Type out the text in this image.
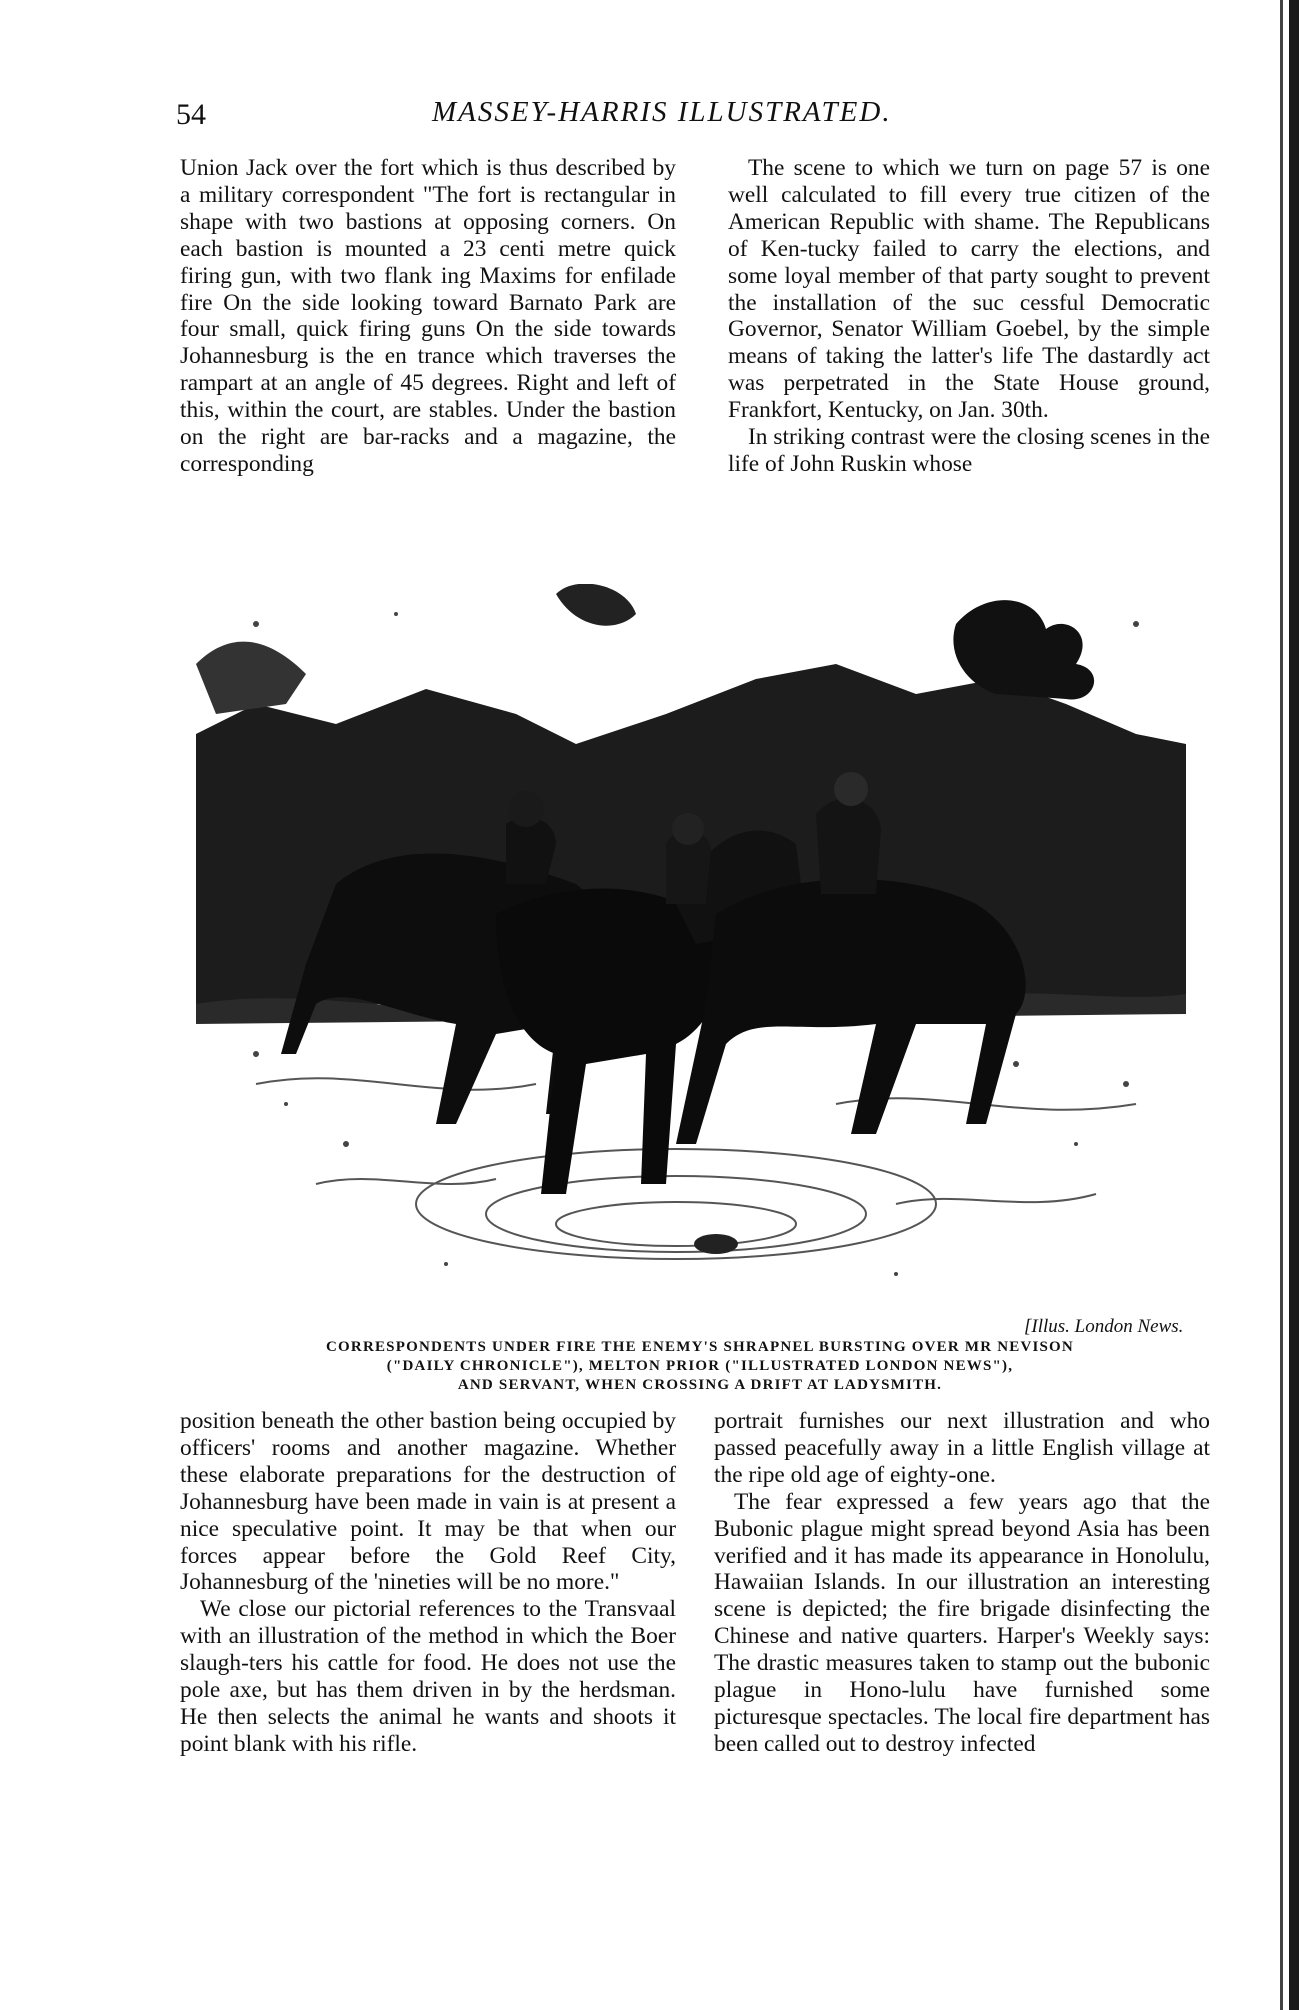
54	MASSEY-HARRIS ILLUSTRATED.

Union Jack over the fort which is thus described by a military correspondent "The fort is rectangular in shape with two bastions at opposing corners. On each bastion is mounted a 23 centi metre quick firing gun, with two flank ing Maxims for enfilade fire On the side looking toward Barnato Park are four small, quick firing guns On the side towards Johannesburg is the en trance which traverses the rampart at an angle of 45 degrees. Right and left of this, within the court, are stables. Under the bastion on the right are bar-racks and a magazine, the corresponding

The scene to which we turn on page 57 is one well calculated to fill every true citizen of the American Republic with shame. The Republicans of Ken-tucky failed to carry the elections, and some loyal member of that party sought to prevent the installation of the suc cessful Democratic Governor, Senator William Goebel, by the simple means of taking the latter's life The dastardly act was perpetrated in the State House ground, Frankfort, Kentucky, on Jan. 30th.

In striking contrast were the closing scenes in the life of John Ruskin whose

[Illus. London News.
CORRESPONDENTS UNDER FIRE THE ENEMY'S SHRAPNEL BURSTING OVER MR NEVISON
("DAILY CHRONICLE"), MELTON PRIOR ("ILLUSTRATED LONDON NEWS"),
AND SERVANT, WHEN CROSSING A DRIFT AT LADYSMITH.

position beneath the other bastion being occupied by officers' rooms and another magazine. Whether these elaborate preparations for the destruction of Johannesburg have been made in vain is at present a nice speculative point. It may be that when our forces appear before the Gold Reef City, Johannesburg of the 'nineties will be no more."

We close our pictorial references to the Transvaal with an illustration of the method in which the Boer slaugh-ters his cattle for food. He does not use the pole axe, but has them driven in by the herdsman. He then selects the animal he wants and shoots it point blank with his rifle.

portrait furnishes our next illustration and who passed peacefully away in a little English village at the ripe old age of eighty-one.

The fear expressed a few years ago that the Bubonic plague might spread beyond Asia has been verified and it has made its appearance in Honolulu, Hawaiian Islands. In our illustration an interesting scene is depicted; the fire brigade disinfecting the Chinese and native quarters. Harper's Weekly says: The drastic measures taken to stamp out the bubonic plague in Hono-lulu have furnished some picturesque spectacles. The local fire department has been called out to destroy infected
